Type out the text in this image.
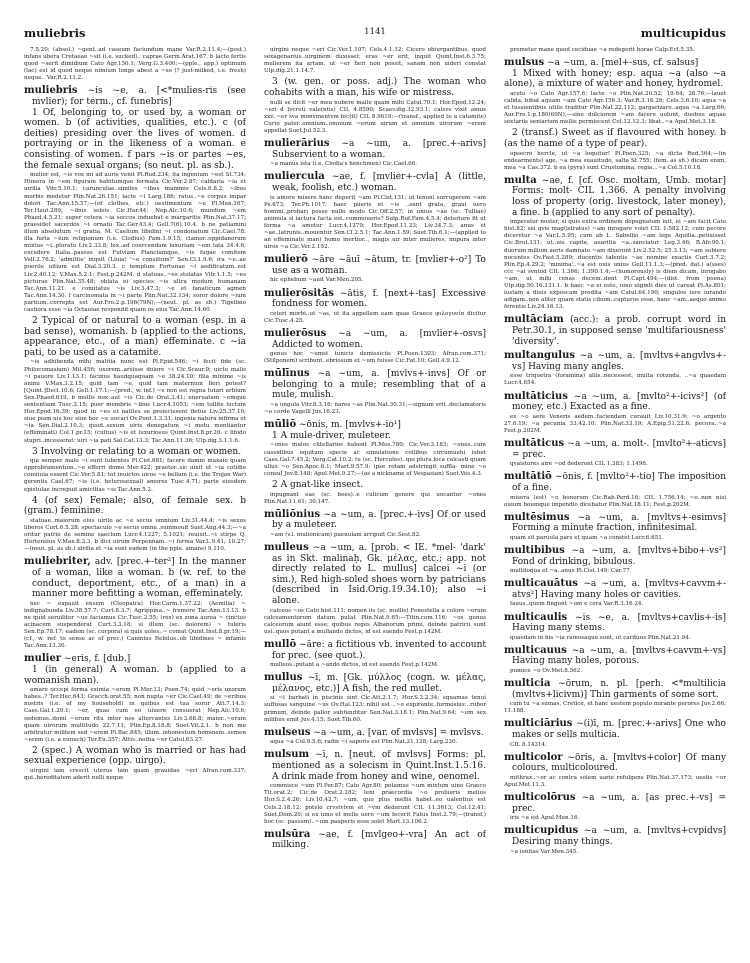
muliebris	1141	multicupidus
7.5.20; (absol.) ~gent..ad caseum faciundum mane Var.R.2.11.4;—(post.) infans ubera Cretaeae ~sit (i.e. sucked).. caprae Germ.Arat.167. b lacte fertis quod ~serit dimidium Cato Agr.150.1; Verg.G.3.400;—(pple., app.) optimum (lac) est id quod neque nimium longe abest a ~so (? just-milked, i.e. fresh) neque.. Var.R.2.11.2.
muliebris ~is ~e, a. [<*mulies-ris (see mvlier); for term., cf. funebris]
1 Of, belonging to, or used by, a woman or women. b (of activities, qualities, etc.). c (of deities) presiding over the lives of women. d portraying or in the likeness of a woman. e consisting of women. f pars ~is or partes ~es, the female sexual organs; (so neut. pl. as sb.).
mulier est, ~is vox mi ad auris venit Pl.Rud.234; ita ingenium ~est St.734; Himera in ~em figuram habitumque formata Cic.Ver.2.87; caldaria ~ia et uirilia Vitr.5.10.1; carunculae..similes ~ibus mammis Cels.6.8.2; ~ibus morbis medetur Plin.Nat.26.151; lacte ~i Larg.186; ratus..~e corpus impar dolori Tac.Ann.15.57;—(of clothes, etc.) uestimentum ~e Pl.Men.167; Ter.Haut.289; ~ibus soleis Cic.Har.44; Nep.Alc.10.6; mundum ~em Phaed.4.5.21; super cetera ~ia soccos induebat e margaritis Plin.Nat.37.17; praesidet sacerdos ~i ornatu Tac.Ger.43.4; Gell.7(6).10.4. b ne patiamini illum absolutum ~i gratia, M. Caelium libidini ~i condonatum Cic.Cael.78; illa furia ~ium religionum (i.e. Clodius) Fam.1.9.15; clamor..oppidanorum mixtus ~i..ploratu Liv.2.33.8; lex..ad coercendam luxuriam ~em lata 34.4.6; excedere Italia..passus est Fulviam Planciumque, ~is fugae comitem Vell.2.76.2; 'admittis' inquit (Liuia) '~e consilium?' Sen.Cl.1.9.6; ira ~e..ae puerile uitium est Dial.3.20.3. c templum Fortunae ~i aedificatum..est Liv.2.40.12; V.Max.5.2.1; Fest.p.242M. d statuas..~es stolatas Vitr.1.1.5; ~es picturae Plin.Nat.35.48; oblata ei species ~is ultra modum humanam Tac.Ann.11.21. e comitatus ~is Liv.3.47.3; ~e et fanaticum agmen Tac.Ann.14.30. f carcinomata in ~i parte Plin.Nat.32.134; soror dolore ~ium partium..correpta est Aur.Fro.2.p.196(79N);—(neut. pl. as sb.) Tigellino castiora esse ~ia Octauiae respondit quam os eius Tac.Ann.14.60.
2 Typical of or natural to a woman (esp. in a bad sense), womanish. b (applied to the actions, appearance, etc., of a man) effeminate. c ~ia pati, to be used as a catamite.
~is adhibenda mihi malitia nunc est Pl.Epid.546; ~i fecit fide (sc. Philocomasium) Mil.456; uxorem..arsisse dolore ~i Cic.Scaur.9; uicto malis ~i pauore Liv.1.13.1; facinus haudquaquam ~e 38.24.10; filia minime ~is animi V.Max.3.2.15; quid tam ~e, quid tam maternum fieri potest? [Quint.]Decl.10.6; Gell.1.17.1;—(pred., w. inf.) ~e non est regna tutari urbium Sen.Phaed.619. b mollis nox aut ~is Cic.de Orat.3.41; eneruatam ~emque sententiam Tusc.2.15; puer membris ~ibus Lucr.4.1053; ~em tollite luctum Hor.Epod.16.39; quod in ~es et natiles se proiecissent fletus Liv.25.37.10; siue piam uis hoc siue hoc ~e uocari Ov.Pont.1.3.31; ingenia natura infirma et ~ia Sen.Dial.2.10.3; quod..sexum uiris denegatum ~i motu mentiantur (effeminati) Col.1.pr.15; (cultus) ~is et luxuriosus Quint.Inst.8.pr.20. c libido stupri..incesserat: uiri ~ia pati Sal.Cat.13.3; Tac.Ann.11.36; Ulp.dig.3.1.1.6.
3 Involving or relating to a woman or women.
qui semper malo ~i sunt lubentes Pl.Cist.681; facere damni maxaio quam opprobramentum..~e efferri domo Mer.422; praetor..sic uixit ut ~ia cotidie conuiuia essent Cic.Ver.5.81; tot inuictos uiros ~e bellum (i.e. the Trojan War) gerentis Cael.67; ~is (i.e. heterosexual) amores Tusc.4.71; parte eiusdem epistulae increpuit amicitias ~is Tac.Ann.5.2.
4 (of sex) Female; also, of female sex. b (gram.) feminine.
statuae..maiorum eius uirile ac ~e secus omnium Liv.31.44.4; ~is sexus liberos Curt.6.5.28; spectaculo ~e secus omne..summouit Suet.Aug.44.3;—~a oritur patrio de semine saeclum Lucr.4.1227; 5.1021; reuixit..~i stirpe Q. Hortensius V.Max.8.3.3. b dici uirum Perpennam..~i forma Var.L.9.41; 10.27;—(neut. pl. as sb.) uirilia et ~ia sunt eadem (in the pple. amans) 9.110.
muliebriter, adv. [prec.+-ter²] In the manner of a woman, like a woman. b (w. ref. to the conduct, deportment, etc., of a man) in a manner more befitting a woman, effeminately.
nec ~ expauit ensem (Cleopatra) Hor.Carm.1.37.22; (Aemilia) ~ indignabunda Liv.38.57.7; Curt.8.3.7; Agrippina..~ fremere Tac.Ann.13.13. b ne quid seruiliter ~ue faciamus Cic.Tusc.2.55; (rex) ex zona aurea ~ cinctus acinacem suspenderat Curt.3.3.18; si illum (sc. dolorem) ~ tuleris Sen.Ep.78.17; eadem (sc. corpora) si quis uoles..~ comat Quint.Inst.8.pr.19;—(cf., w. ref. to sense ac of prec.) Caninius Rebilus..ob libidines ~ infamis Tac.Ann.13.30.
mulier ~eris, f. [dub.]
1 (in general) A woman. b (applied to a womanish man).
amare occepi forma eximia ~erem Pl.Mer.13; Poen.74; quid ~eris uxorem habes..? Ter.Hec.643; Gracch.orat.55; non nupta ~er Cic.Cael.49; de ~eribus nostris (i.e. of my household) in quibus est tua soror Att.7.14.3; Caes.Gal.1.29.1; ~er, quae cum eo uiuere consuerat Nep.Alc.10.6; sedemus..domi ~erum ritu inter nos altercantes Liv.3.68.8; maior..~erum quam uirorum multitudo 22.7.11; Plin.Ep.8.18.8; Suet.Vit.2.1. b non me arbitratur militem sed ~erem Pl.Bac.845; illum..inhonestum hominem..semen ~erem (i.e. a eunuch) Ter.Eu.357; Attis..notha ~er Catul.63.27.
2 (spec.) A woman who is married or has had sexual experience (opp. uirgo).
uirgini iam crescit uterus tam quam grauidae ~eri Afran.com.337; qui..hereditatem aderit nulli neque
uirgini neque ~eri Cic.Ver.1.107; Cels.4.1.12; Cicero obiurgantibus, quod sexagenarius..uirginem duxisset: eras ~er erit, inquit Quint.Inst.6.3.75; mulierem ita artam, ut ~er fieri non possit, sanam non uideri constat Ulp.dig.21.1.14.7.
3 (w. gen. or poss. adj.) The woman who cohabits with a man, his wife or mistress.
nulli se dicit ~er mea nubere malle quam mihi Catul.70.1; Hor.Epod.12.24; ~eri d lvcreti vale(ntis) CIL 4.8590; Scaev.dig.32.93.1; calsvs vixit annis xxv..~er sva monvmentvm fec(it) CIL 8.9619;—(transf., applied to a catamite) Curio pater..omnium..omnium ~erum uirum et omnium uirorum ~erem appellat Suet.Jul.52.3.
mulierārius ~a ~um, a. [prec.+-arivs] Subservient to a woman.
~a manus ista (i.e. Clodia's henchmen) Cic.Cael.66.
muliercula ~ae, f. [mvlier+-cvla] A (little, weak, foolish, etc.) woman.
is amore misere hanc deperit ~am Pl.Cist.131; ut lenoni surruperem ~am Ps.673; Ter.Ph.1017; haec pueris et ~is ..sunt grata, graui uero homini..probari posse nullo modo Cic.Off.2.57; in unius ~ae (sc. Tulliae) animula si iactura facta est..commoueris? Sulp.Ruf.Fam.4.5.4; deteriore fit ut forma ~a ametur Lucr.4.1279; Hor.Epod.11.23; Liv.34.7.3; anus et ~ae..latrunis..mouentur Sen.Cl.2.5.1; Tac.Ann.1.59; Suet.Tib.6.1;—(applied to an effeminate man) homo inertior.., magis uir inter mulieres, impura inter uiros ~a Cic.Ver.2.192.
mulierō ~āre ~āuī ~ātum, tr. [mvlier+-o²] To use as a woman.
hic ephebum ~auit Var.Men.205.
mulierōsitās ~ātis, f. [next+-tas] Excessive fondness for women.
ceteri morbi..ut ~as, ut ita appellem eam quae Graece φιλογυνία dicitur Cic.Tusc.4.25.
mulierōsus ~a ~um, a. [mvlier+-osvs] Addicted to women.
genus hoc ~umst tunicis demissiciis Pl.Poen.1303; Afran.com.371; (Stilponem) scribunt..ebriosum et ~um fuisse Cic.Fat.10; Gell.4.9.12.
mūlīnus ~a ~um, a. [mvlvs+-invs] Of or belonging to a mule; resembling that of a mule, mulish.
~a ungula Vitr.8.3.16; nares ~as Plin.Nat.30.31;—signum erit..declamatoris ~o corde Vagelli Juv.16.23.
mūliō ~ōnis, m. [mvlvs+-io¹]
1 A mule-driver, muleteer.
~ones mulos clitellarios habent Pl.Mos.780; Cic.Ver.3.183; ~ones..cum cassidibus equitum specie ac simulatione collibus circumuehi iubet Caes.Gal.7.45.2; Verg.Cat.10.2; tu (sc. Hercules)..qui plura loca calcasti quam ullus ~o Sen.Apoc.6.1; Mart.9.57.9; ipse rotam adstringit suffla- mine ~o consul Juv.8.148; Apul.Met.9.27;—(as a nickname of Vespasian) Suet.Ves.4.3.
2 A gnat-like insect.
inpugnant eas (sc. bees)..e culicum genere qui uocantur ~ones Plin.Nat.11.61; 30.147.
mūliōnius ~a ~um, a. [prec.+-ivs] Of or used by a muleteer.
~am (v.l. mulionicam) paenulam arripuit Cic.Sest.82.
mulleus ~a ~um, a. [prob. < IE. *mel- 'dark' as in Skt. malinaḥ, Gk. μέλας, etc.; app. not directly related to L. mullus] calcei ~i (or sim.), Red high-soled shoes worn by patricians (described in Isid.Orig.19.34.10); also ~i alone.
calceos ~os Cato hist.111; nomen iis (sc. mullis) Fenestella a colore ~orum calceamentorum datum putat Plin.Nat.9.65;—Titin.com.116; ~os genus calceorum aiunt esse; quibus reges Albanorum primi, deinde patricii sunt usi..quos putant a mullando dictos, id est suendo Fest.p.142M.
mullō ~āre: a fictitious vb. invented to account for prec. (see quot.).
mulleos..putant a ~ando dictos, id est suendo Fest.p.142M.
mullus ~ī, m. [Gk. μύλλος (cogn. w. μέλας, μέλανος, etc.)] A fish, the red mullet.
si ~i barbati in piscinis sint Cic.Att.2.1.7; Hor.S.2.2.34; squamas tenui suffusas sanguine ~us Ov.Hal.123; nihil est ..~o expirante..formosius:..rubor primum, deinde pallor subfunditur Sen.Nat.3.18.1; Plin.Nat.9.64; ~um sex milibus emit Juv.4.15; Suet.Tib.60.
mulseus ~a ~um, a. [var. of mvlsvs] = mvlsvs.
aqua ~a Col.9.5.6; radix ~i saporis est Plin.Nat.21.128; Larg.230.
mulsum ~ī, n. [neut. of mvlsvs] Forms: pl. mentioned as a solecism in Quint.Inst.1.5.16. A drink made from honey and wine, oenomel.
commisce ~um Pl.Per.87; Cato Agr.80; potamus ~um mixtum uino Graeco Tit.orat.2; Cic.de Orat.2.282; leni praecordia ~o prolueris melius Hor.S.2.4.26; Liv.10.42.7; ~um, quo plus mellis habet..eo ualentius est Cels.2.18.12; potvlo crvstvlvm et ~vm dederunt CIL 11.3613; Col.12.41; Suet.Dom.20; si ex uino et melle uero ~um fecerit Fatus Inst.2.79;—(transf.) hoc (sc. passum)..~um pauperis esse solet Mart.13.106.2.
mulsūra ~ae, f. [mvlgeo+-vra] An act of milking.
premetur mane quod ceciduae ~a redegerit horae Calp.Ecl.5.35.
mulsus ~a ~um, a. [mel+-sus, cf. salsus]
1 Mixed with honey; esp. aqua ~a (also ~a alone), a mixture of water and honey, hydromel.
aceto ~o Cato Agr.157.6; lacte ~o Plin.Nat.20.52; 19.64; 26.76;—lauet calida, bibat aquam ~am Cato Agr.156.3; Var.R.3.16.28; Cels.3.6.10; aqua ~a et tussientibus utilis traditur Plin.Nat.22.112; gargarizare..aqua ~a Larg.66; Aur.Fro.1.p.180(69N);—sine dulciorem ~am facere uolunt, duobus aquae sextariis sextarium mellis permiscent Col.12.12.3; libat..~a Apul.Met.3.18.
2 (transf.) Sweet as if flavoured with honey. b (as the name of a type of pear).
opsecro hercle, ut ~a loquitur! Pl.Poen.325; ~a dicta Rud.364;—(in endearments) age, ~a mea suauitudo, salta St.755; (fem. as sb.) dicam enim, mea ~a Cas.372. b ea (pyra) sunt Crustumina, regia,..~a Col.5.10.18.
multa ~ae, f. [cf. Osc. moltam, Umb. motar] Forms: molt- CIL 1.366. A penalty involving loss of property (orig. livestock, later money), a fine. b (applied to any sort of penalty).
imperator noster, si quis extra ordinem depugnatum iuit, ei ~am facit Cato hist.82; sei qvis mag(istratus) ~am inrogare volet CIL 1.582.12; cum pecore diceretur ~a Var.L.5.95; cum ab L. Sabellio ~am lege Aquilia..petiuisset Cic.Brut.131; ut..uis capite, auaritia ~a..sanciatur Leg.3.46; B.Afr.90.1; duorum milium aeris damnato ~am dixerunt Liv.2.52.5; 25.3.13; ~am subiere nocentes Ov.Fast.5.289; ducentis talentis ~ae nomine exactis Curt.3.7.2; Plin.Ep.4.29.2; 'minima'..~a est ouis unius Gell.11.1.3;—(pred. dat.) a(sses) ccc ~ai svntod CIL 1.366; 1.390.1.4;—(humorously) is diem dicam, inrogabo ~am, ut mihi cenas decem..dent Pl.Capt.494;—(dist. from poena) Ulp.dig.50.16.131.1. b haec ~a ei esto, uino uiginti dies ut careat Pl.As.801; iustam a diuis exposcam prodita ~am Catul.64.190; singulos iure iurando adigam..non aliter quam statis cibum..capturos esse, hanc ~am..aequo animo ferentis Liv.24.16.13.
multāciam (acc.): a prob. corrupt word in Petr.30.1, in supposed sense 'multifariousness' 'diversity'.
multangulus ~a ~um, a. [mvltvs+angvlvs+-vs] Having many angles.
esse triquetra (foramina) aliis..necessest, multa rotunda, ..~a quaedam Lucr.4.654.
multāticius ~a ~um, a. [mvlto²+-icivs²] (of money, etc.) Exacted as a fine.
ex ~o aere Veneris aedem..faciendam curauit Liv.10.31.9; ~o argento 27.6.19; ~a pecunia 33.42.10; Plin.Nat.33.19; A.Epig.51.22.6; pecora..~a Fest.p.202M.
multāticus ~a ~um, a. molt-. [mvlto²+-aticvs] = prec.
qvaistores aire ~od dederont CIL 1.383; 1.1496.
multātiō ~ōnis, f. [mvlto²+-tio] The imposition of a fine.
misera (est) ~o bonorum Cic.Rab.Perd.16; CIL 1.756.14; ~o..non nisi ouium boumque impendio dicebatur Plin.Nat.18.11; Fest.p.202M.
multēsimus ~a ~um, a. [mvltvs+-esimvs] Forming a minute fraction, infinitesimal.
quam sit paruula pars et quam ~a constet Lucr.6.651.
multibibus ~a ~um, a. [mvltvs+bibo+-vs²] Fond of drinking, bibulous.
multiloqua et ~a..anus Pl.Cist.149; Cur.77.
multicauātus ~a ~um, a. [mvltvs+cavvm+-atvs²] Having many holes or cavities.
fauus..quem fingunt ~um e cera Var.R.3.16.24.
multicaulis ~is ~e, a. [mvltvs+cavlis+-is] Having many stems.
quaedam in his ~ia ramosaque sunt, ut carduus Plin.Nat.21.94.
multicauus ~a ~um, a. [mvltvs+cavvm+-vs] Having many holes, porous.
pumice ~o Ov.Met.8.562.
multicia ~ōrum, n. pl. [perh. <*multilicia (mvltvs+licivm)] Thin garments of some sort.
cum tu ~a sumas, Cretice, et hanc uestem populo mirante perores Juv.2.66; 11.188.
multiciārius ~(i)ī, m. [prec.+-arivs] One who makes or sells multicia.
CIL 8.14314.
multicolor ~ōris, a. [mvltvs+color] Of many colours, multicoloured.
mithrax..~or ac contra solem uarie refulgens Plin.Nat.37.173; uestis ~or Apul.Met.11.3.
multicolōrus ~a ~um, a. [as prec.+-vs] = prec.
iris ~a est Apul.Mun.16.
multicupidus ~a ~um, a. [mvltvs+cvpidvs] Desiring many things.
~a ienitas Var.Men.345.
